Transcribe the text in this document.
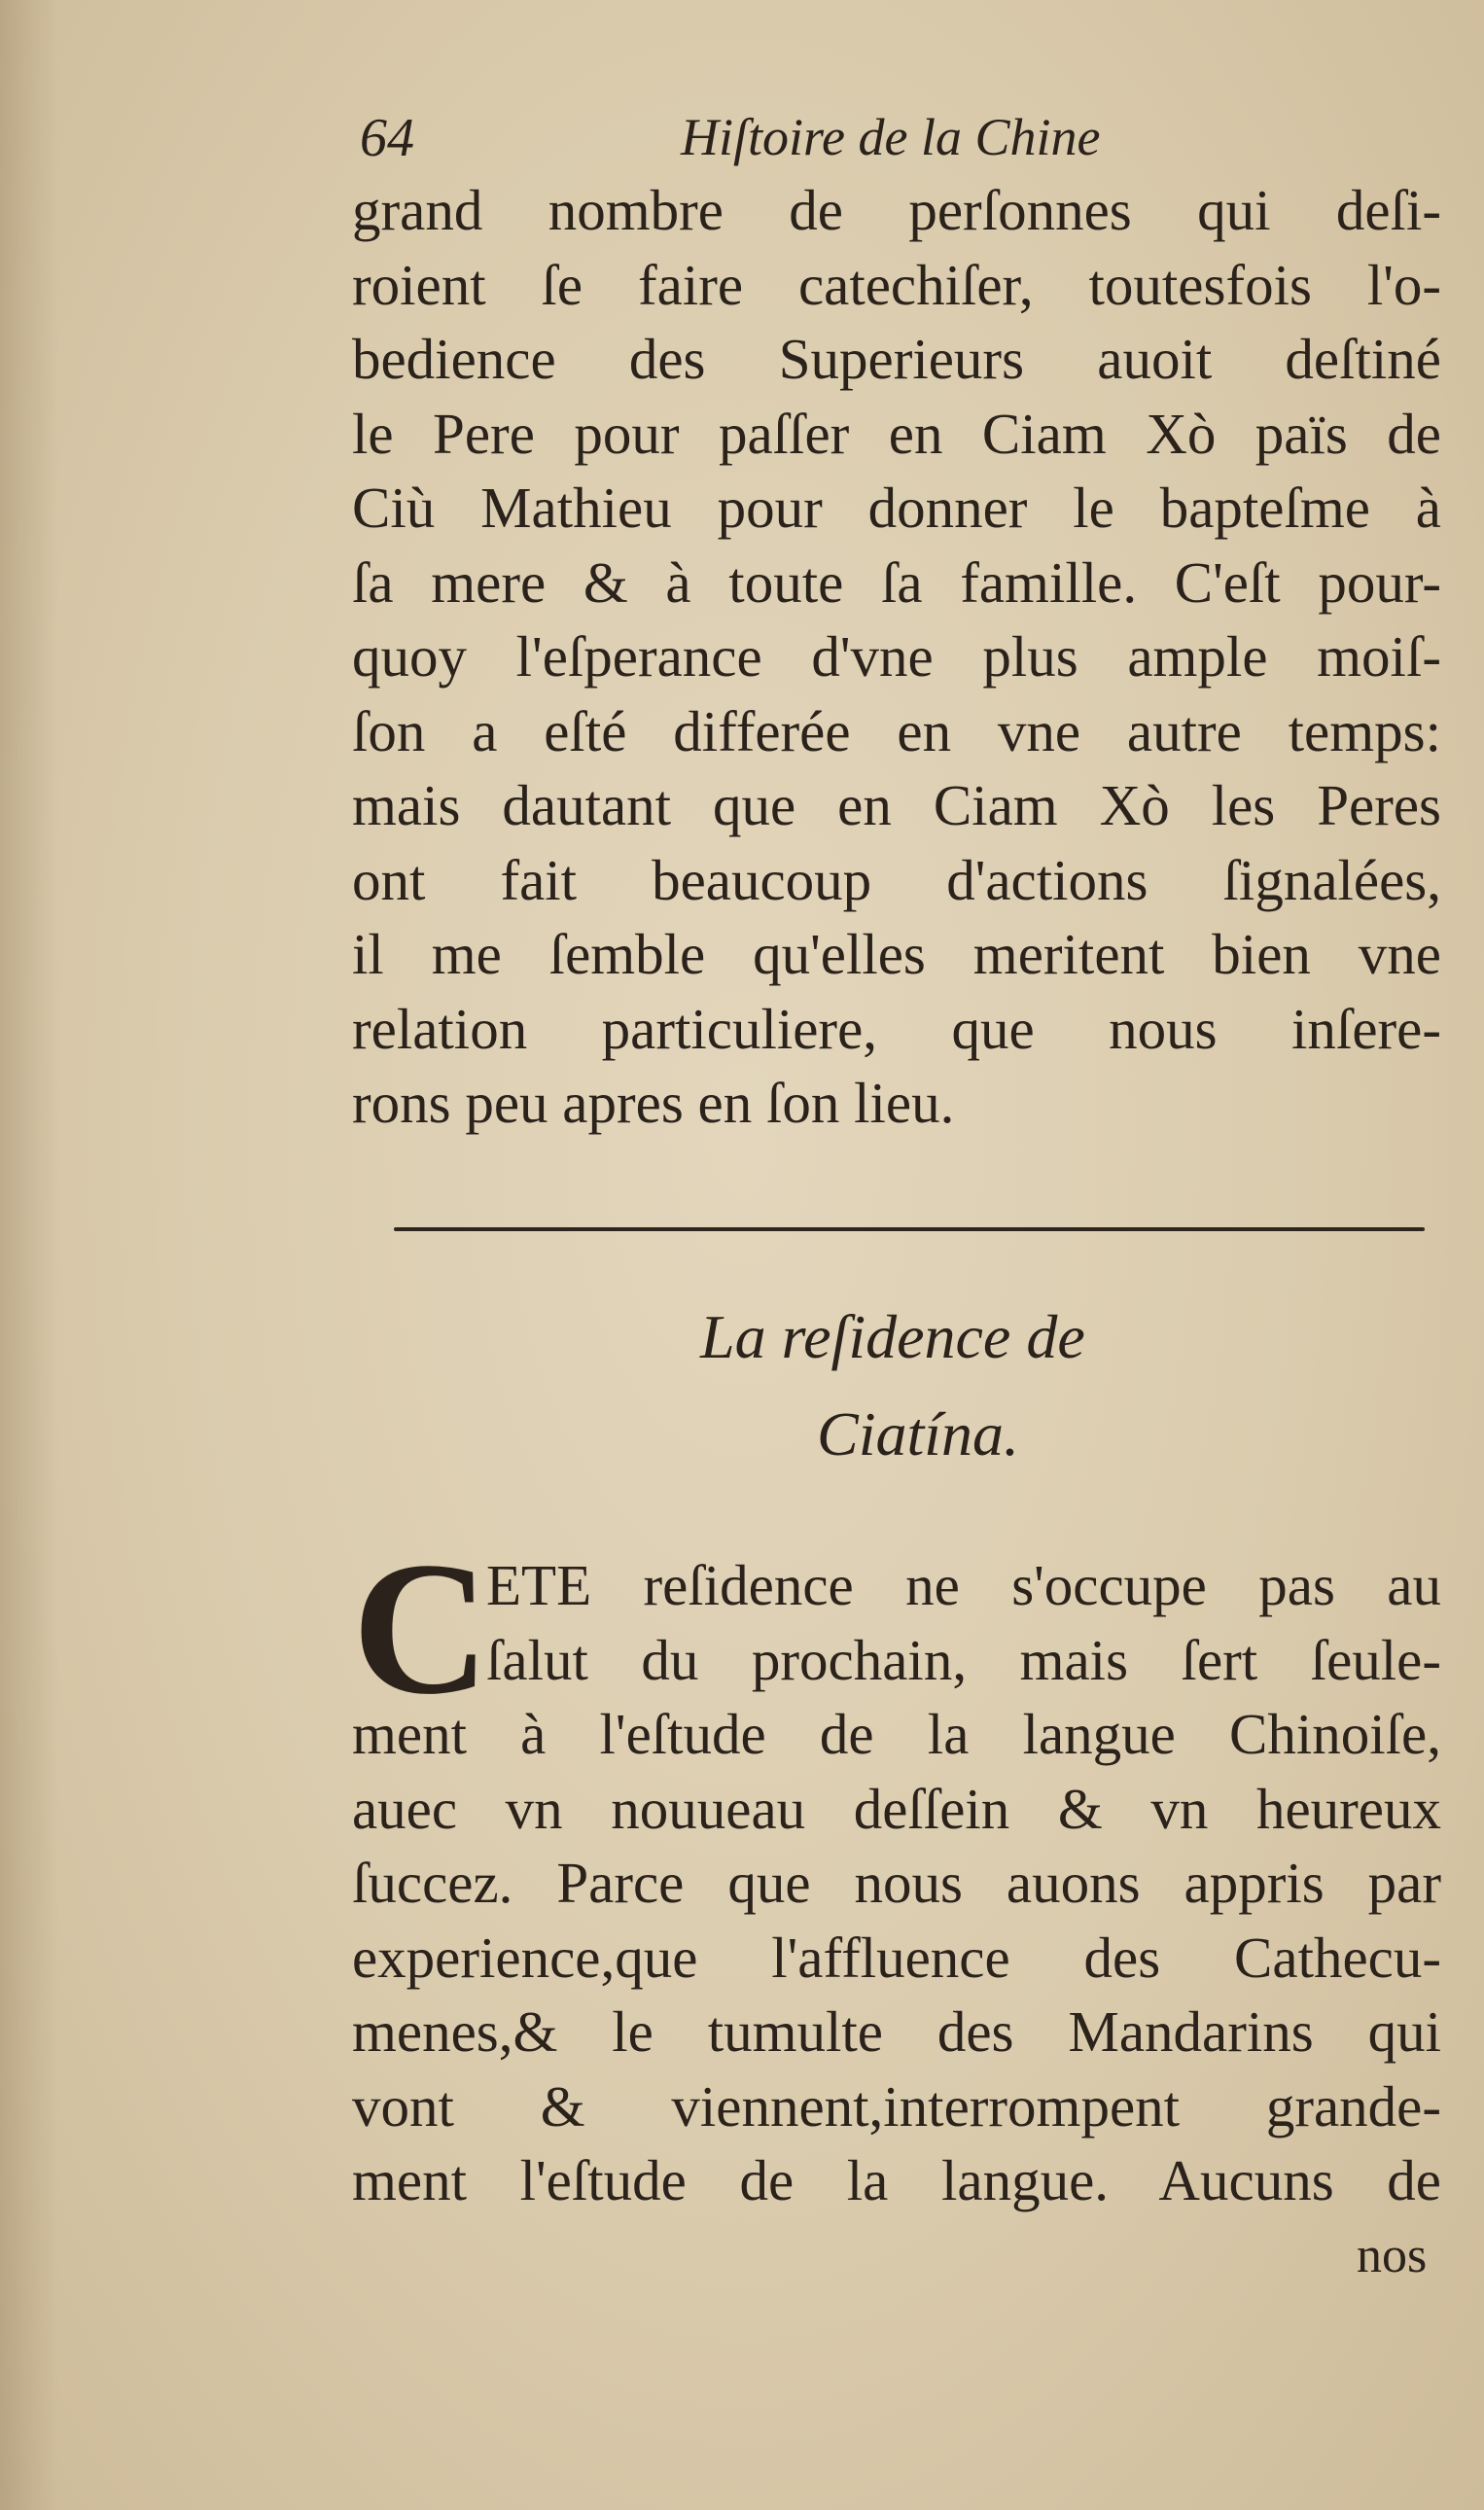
64	Hiſtoire de la Chine
grand nombre de perſonnes qui deſi-
roient ſe faire catechiſer, toutesfois l'o-
bedience des Superieurs auoit deſtiné
le Pere pour paſſer en Ciam Xò païs de
Ciù Mathieu pour donner le bapteſme à
ſa mere & à toute ſa famille. C'eſt pour-
quoy l'eſperance d'vne plus ample moiſ-
ſon a eſté differée en vne autre temps:
mais dautant que en Ciam Xò les Peres
ont fait beaucoup d'actions ſignalées,
il me ſemble qu'elles meritent bien vne
relation particuliere, que nous inſere-
rons peu apres en ſon lieu.
La reſidence de
Ciatína.
C
ETE reſidence ne s'occupe pas au
ſalut du prochain, mais ſert ſeule-
ment à l'eſtude de la langue Chinoiſe,
auec vn nouueau deſſein & vn heureux
ſuccez. Parce que nous auons appris par
experience,que l'affluence des Cathecu-
menes,& le tumulte des Mandarins qui
vont & viennent,interrompent grande-
ment l'eſtude de la langue. Aucuns de
nos
